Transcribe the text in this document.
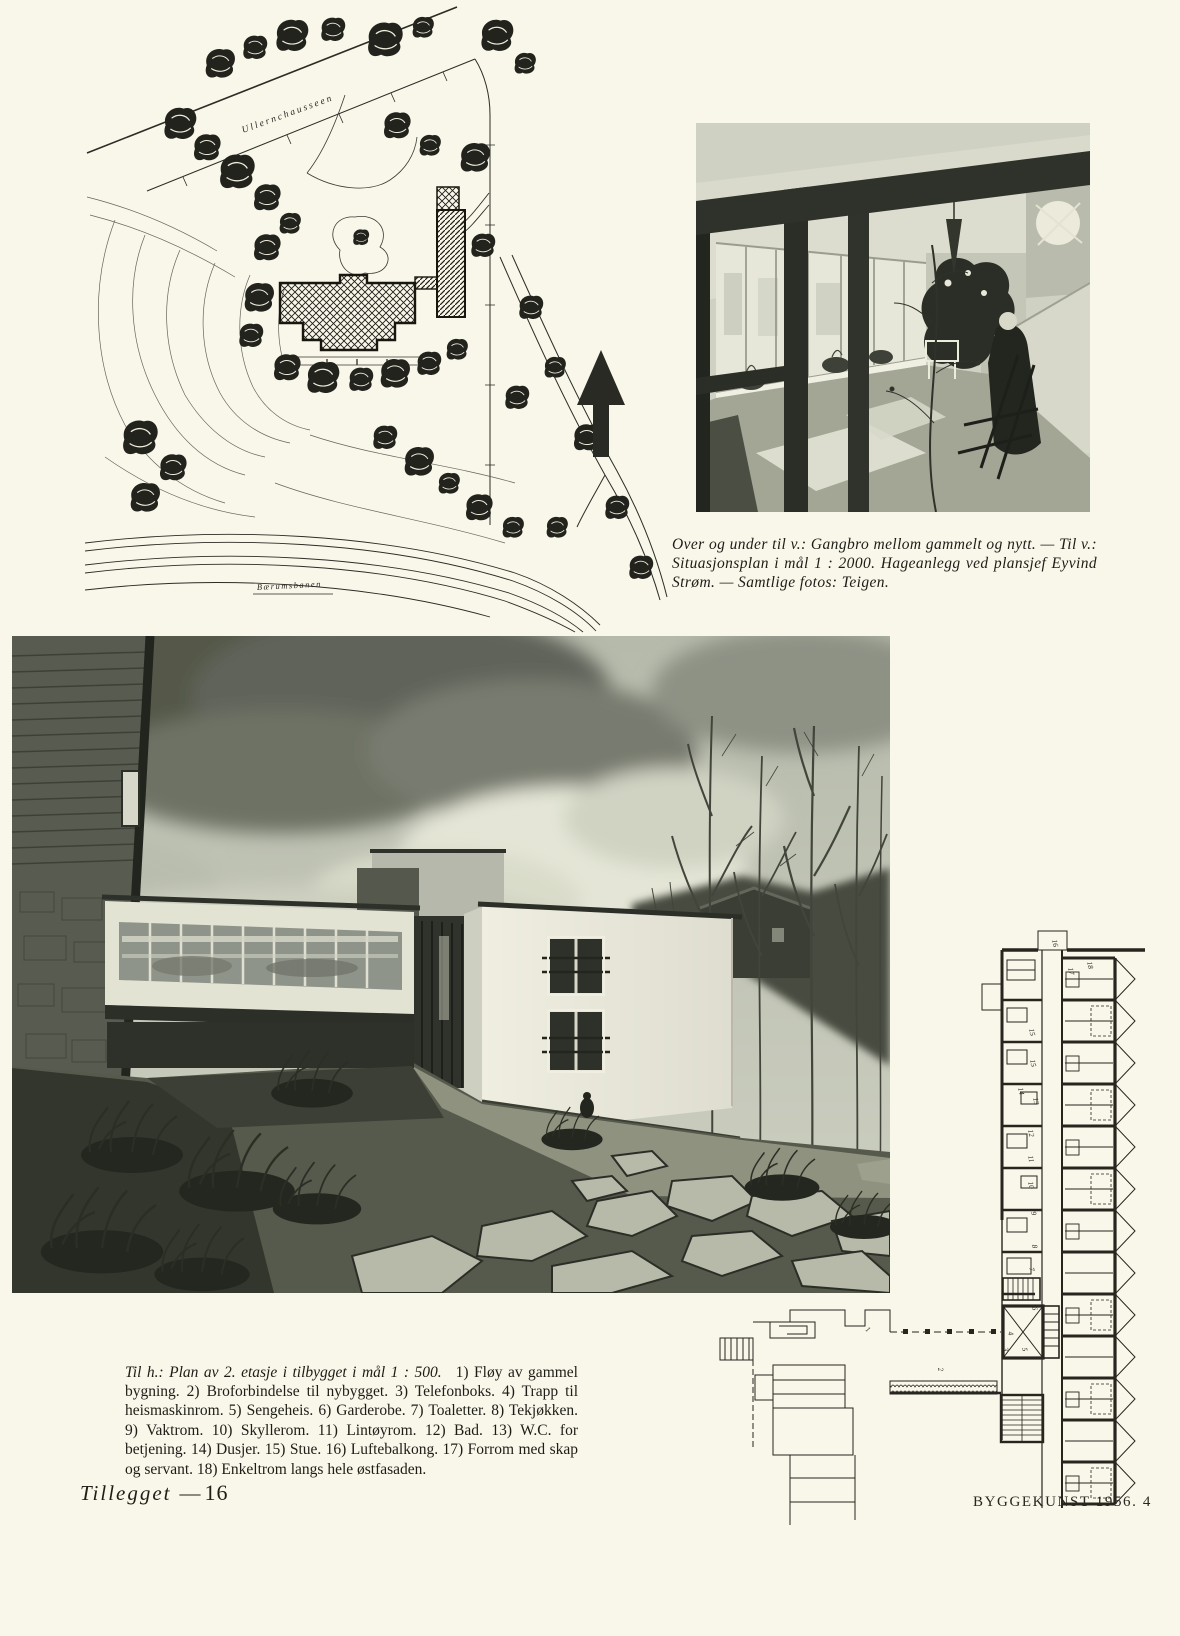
Ullernchausseen
Bærumsbanen

Over og under til v.: Gangbro mellom gammelt og nytt. — Til v.: Situasjonsplan i mål 1 : 2000. Hageanlegg ved plansjef Eyvind Strøm. — Samtlige fotos: Teigen.

16
17
18
15
15
14
13
12
11
10
9
8
7
6
5
4
3
2
1

Til h.: Plan av 2. etasje i tilbygget i mål 1 : 500. 1) Fløy av gammel bygning. 2) Broforbindelse til nybygget. 3) Telefonboks. 4) Trapp til heismaskinrom. 5) Sengeheis. 6) Garderobe. 7) Toaletter. 8) Tekjøkken. 9) Vaktrom. 10) Skyllerom. 11) Lintøyrom. 12) Bad. 13) W.C. for betjening. 14) Dusjer. 15) Stue. 16) Luftebalkong. 17) Forrom med skap og servant. 18) Enkeltrom langs hele østfasaden.

Tillegget — 16	BYGGEKUNST 1956. 4
